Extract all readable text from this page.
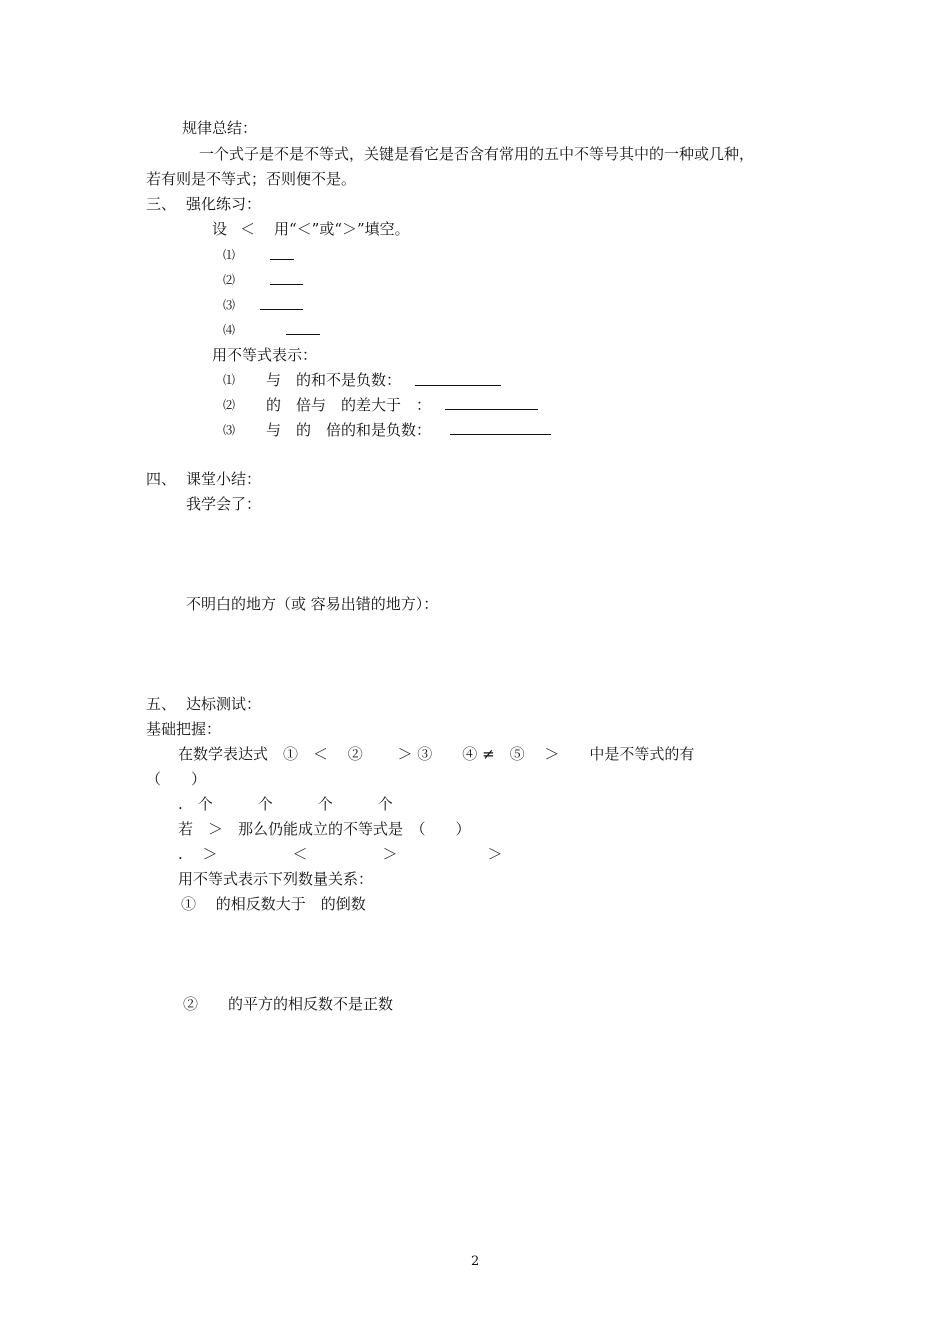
规律总结：
一个式子是不是不等式，关键是看它是否含有常用的五中不等号其中的一种或几种，
若有则是不等式；否则便不是。
三、 强化练习：
设 ＜ 用“＜”或“＞”填空。
⑴
⑵
⑶
⑷
用不等式表示：
⑴ 与　的和不是负数：
⑵ 的　倍与　的差大于　：
⑶ 与　的　倍的和是负数：
四、 课堂小结：
我学会了：
不明白的地方（或 容易出错的地方）：
五、 达标测试：
基础把握：
在数学表达式　①　＜　 ②　　 ＞ ③　　④ ≠　⑤　 ＞　　中是不等式的有
（　　）
.　个　　　个　　　个　　　个
若　＞　那么仍能成立的不等式是　（　　）
.　 ＞　　　　　＜　　　　　＞　　　　　　＞
用不等式表示下列数量关系：
①　 的相反数大于　的倒数
②　　的平方的相反数不是正数
2
